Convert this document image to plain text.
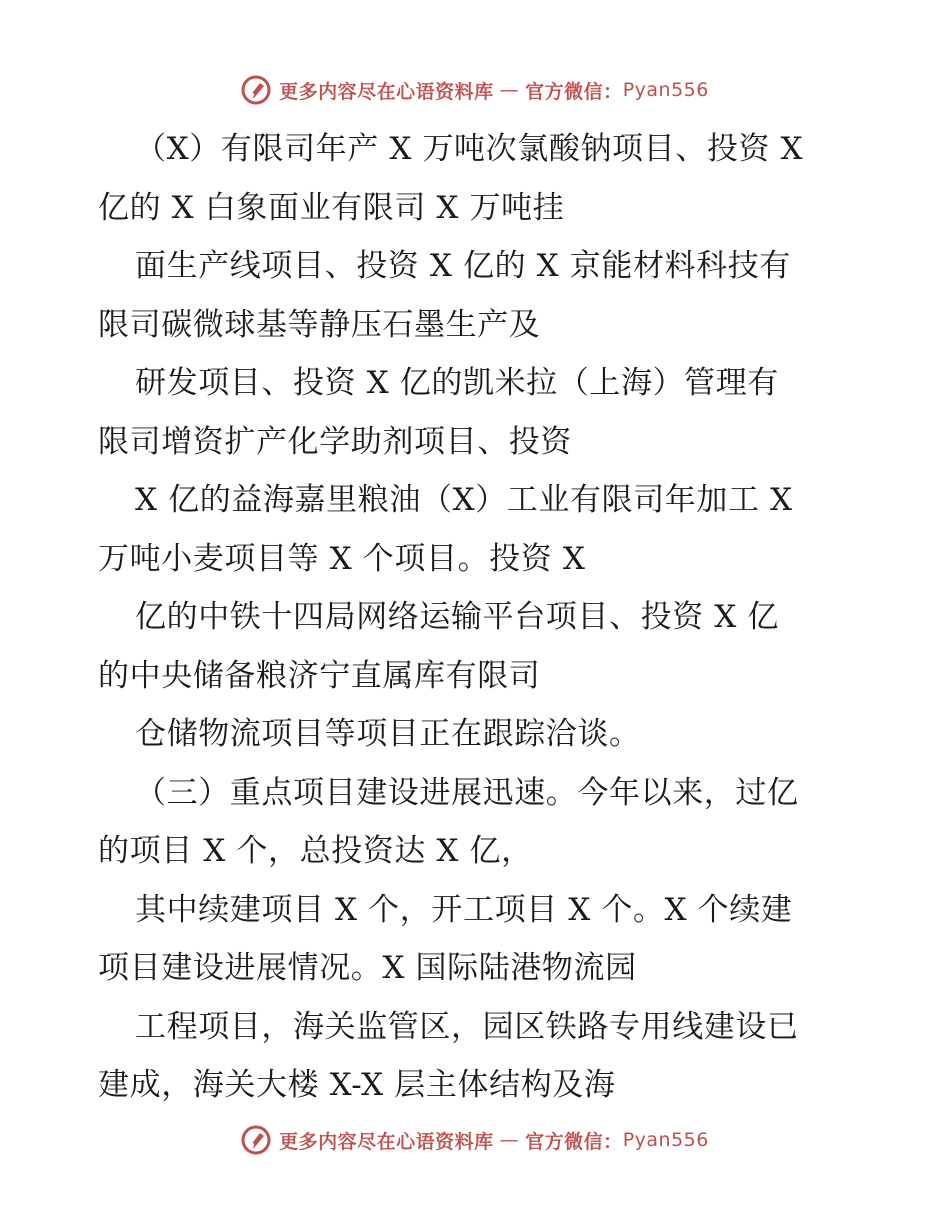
更多内容尽在心语资料库 — 官方微信： Pyan556

（X）有限司年产 X 万吨次氯酸钠项目、投资 X
亿的 X 白象面业有限司 X 万吨挂

面生产线项目、投资 X 亿的 X 京能材料科技有
限司碳微球基等静压石墨生产及

研发项目、投资 X 亿的凯米拉（上海）管理有
限司增资扩产化学助剂项目、投资

X 亿的益海嘉里粮油（X）工业有限司年加工 X
万吨小麦项目等 X 个项目。投资 X

亿的中铁十四局网络运输平台项目、投资 X 亿
的中央储备粮济宁直属库有限司

仓储物流项目等项目正在跟踪洽谈。

（三）重点项目建设进展迅速。今年以来，过亿
的项目 X 个，总投资达 X 亿，

其中续建项目 X 个，开工项目 X 个。X 个续建
项目建设进展情况。X 国际陆港物流园

工程项目，海关监管区，园区铁路专用线建设已
建成，海关大楼 X-X 层主体结构及海

更多内容尽在心语资料库 — 官方微信： Pyan556
